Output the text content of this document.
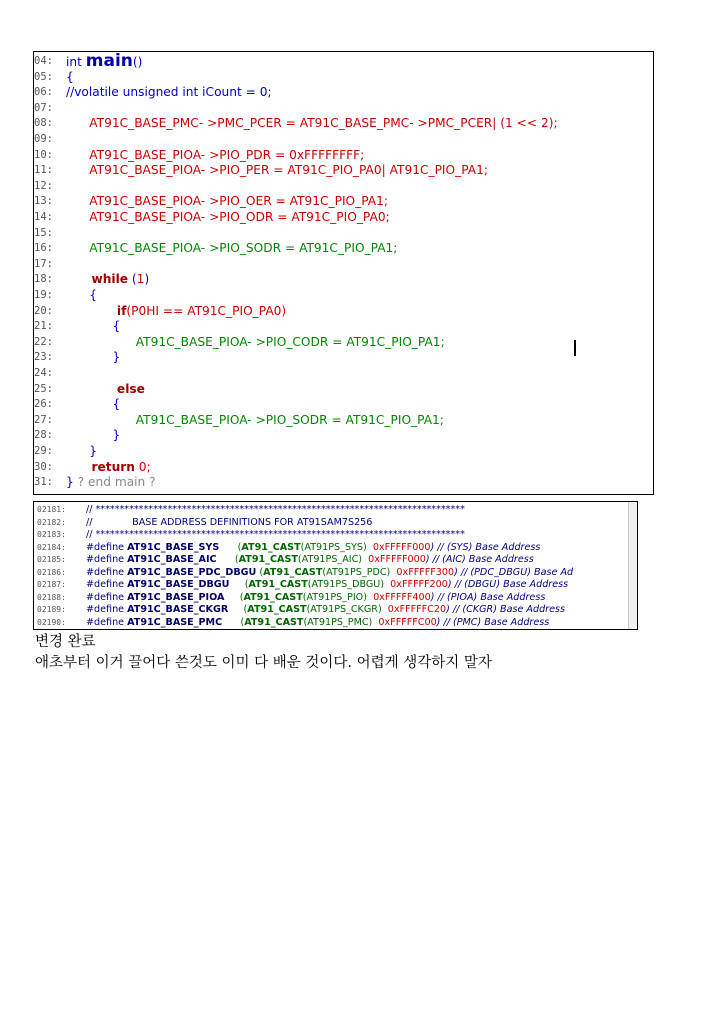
04: int main()
05: {
06: //volatile unsigned int iCount = 0;
07:
08: AT91C_BASE_PMC- >PMC_PCER = AT91C_BASE_PMC- >PMC_PCER| (1 << 2);
09:
10: AT91C_BASE_PIOA- >PIO_PDR = 0xFFFFFFFF;
11: AT91C_BASE_PIOA- >PIO_PER = AT91C_PIO_PA0| AT91C_PIO_PA1;
12:
13: AT91C_BASE_PIOA- >PIO_OER = AT91C_PIO_PA1;
14: AT91C_BASE_PIOA- >PIO_ODR = AT91C_PIO_PA0;
15:
16: AT91C_BASE_PIOA- >PIO_SODR = AT91C_PIO_PA1;
17:
18:	while (1)
19: {
20:	if(P0HI == AT91C_PIO_PA0)
21: {
22: AT91C_BASE_PIOA- >PIO_CODR = AT91C_PIO_PA1;
23: }
24:
25:	else
26: {
27: AT91C_BASE_PIOA- >PIO_SODR = AT91C_PIO_PA1;
28: }
29: }
30:	return 0;
31: } ? end main ?
02181: // *****************************************************************************
02182: //             BASE ADDRESS DEFINITIONS FOR AT91SAM7S256
02183: // *****************************************************************************
02184: #define AT91C_BASE_SYS      (AT91_CAST(AT91PS_SYS)  0xFFFFF000) // (SYS) Base Address
02185: #define AT91C_BASE_AIC      (AT91_CAST(AT91PS_AIC)  0xFFFFF000) // (AIC) Base Address
02186: #define AT91C_BASE_PDC_DBGU (AT91_CAST(AT91PS_PDC)  0xFFFFF300) // (PDC_DBGU) Base Ad
02187: #define AT91C_BASE_DBGU     (AT91_CAST(AT91PS_DBGU)  0xFFFFF200) // (DBGU) Base Address
02188: #define AT91C_BASE_PIOA     (AT91_CAST(AT91PS_PIO)  0xFFFFF400) // (PIOA) Base Address
02189: #define AT91C_BASE_CKGR     (AT91_CAST(AT91PS_CKGR)  0xFFFFFC20) // (CKGR) Base Address
02190: #define AT91C_BASE_PMC      (AT91_CAST(AT91PS_PMC)  0xFFFFFC00) // (PMC) Base Address
변경 완료
애초부터 이거 끌어다 쓴것도 이미 다 배운 것이다. 어렵게 생각하지 말자
